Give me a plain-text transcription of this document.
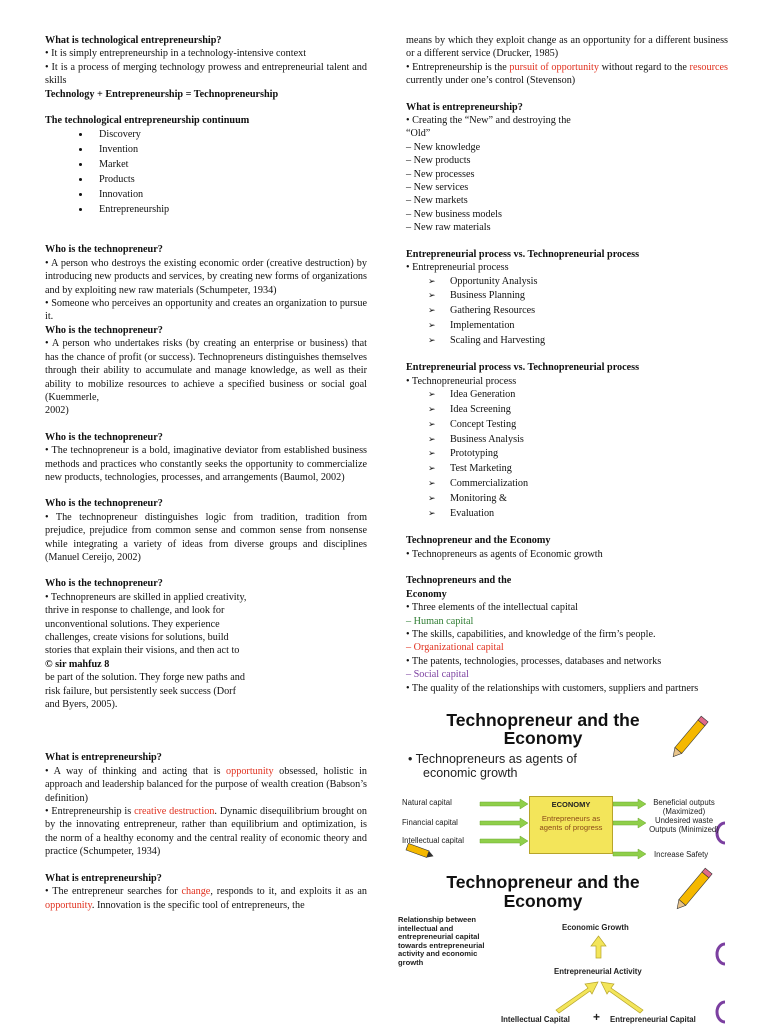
What is technological entrepreneurship?

• It is simply entrepreneurship in a technology-intensive context

• It is a process of merging technology prowess and entrepreneurial talent and skills

Technology + Entrepreneurship = Technopreneurship

The technological entrepreneurship continuum

• Discovery
• Invention
• Market
• Products
• Innovation
• Entrepreneurship

Who is the technopreneur?

• A person who destroys the existing economic order (creative destruction) by introducing new products and services, by creating new forms of organizations and by exploiting new raw materials (Schumpeter, 1934)

• Someone who perceives an opportunity and creates an organization to pursue it.

Who is the technopreneur?

• A person who undertakes risks (by creating an enterprise or business) that has the chance of profit (or success). Technopreneurs distinguishes themselves through their ability to accumulate and manage knowledge, as well as their ability to mobilize resources to achieve a specified business or social goal (Kuemmerle,

2002)

Who is the technopreneur?

• The technopreneur is a bold, imaginative deviator from established business methods and practices who constantly seeks the opportunity to commercialize new products, technologies, processes, and arrangements (Baumol, 2002)

Who is the technopreneur?

• The technopreneur distinguishes logic from tradition, tradition from prejudice, prejudice from common sense and common sense from nonsense while integrating a variety of ideas from diverse groups and disciplines (Manuel Cereijo, 2002)

Who is the technopreneur?

• Technopreneurs are skilled in applied creativity,

thrive in response to challenge, and look for

unconventional solutions. They experience

challenges, create visions for solutions, build

stories that explain their visions, and then act to

© sir mahfuz 8

be part of the solution. They forge new paths and

risk failure, but persistently seek success (Dorf

and Byers, 2005).

What is entrepreneurship?

• A way of thinking and acting that is opportunity obsessed, holistic in approach and leadership balanced for the purpose of wealth creation (Babson’s definition)

• Entrepreneurship is creative destruction. Dynamic disequilibrium brought on by the innovating entrepreneur, rather than equilibrium and optimization, is the norm of a healthy economy and the central reality of economic theory and practice (Schumpeter, 1934)

What is entrepreneurship?

• The entrepreneur searches for change, responds to it, and exploits it as an opportunity. Innovation is the specific tool of entrepreneurs, the

means by which they exploit change as an opportunity for a different business or a different service (Drucker, 1985)

• Entrepreneurship is the pursuit of opportunity without regard to the resources currently under one’s control (Stevenson)

What is entrepreneurship?

• Creating the “New” and destroying the

“Old”

– New knowledge

– New products

– New processes

– New services

– New markets

– New business models

– New raw materials

Entrepreneurial process vs. Technopreneurial process

• Entrepreneurial process

➢ Opportunity Analysis
➢ Business Planning
➢ Gathering Resources
➢ Implementation
➢ Scaling and Harvesting

Entrepreneurial process vs. Technopreneurial process

• Technopreneurial process

➢ Idea Generation
➢ Idea Screening
➢ Concept Testing
➢ Business Analysis
➢ Prototyping
➢ Test Marketing
➢ Commercialization
➢ Monitoring &
➢ Evaluation

Technopreneur and the Economy

• Technopreneurs as agents of Economic growth

Technopreneurs and the

Economy

• Three elements of the intellectual capital

– Human capital

• The skills, capabilities, and knowledge of the firm’s people.

– Organizational capital

• The patents, technologies, processes, databases and networks

– Social capital

• The quality of the relationships with customers, suppliers and partners

Technopreneur and the
Economy
• Technopreneurs as agents of
economic growth
Natural capital
Financial capital
Intellectual capital
ECONOMY
Entrepreneurs as agents of progress
Beneficial outputs (Maximized)
Undesired waste Outputs (Minimized)
Increase Safety
Technopreneur and the
Economy
Relationship between intellectual and entrepreneurial capital towards entrepreneurial activity and economic growth
Economic Growth
Entrepreneurial Activity
Intellectual Capital + Entrepreneurial Capital
